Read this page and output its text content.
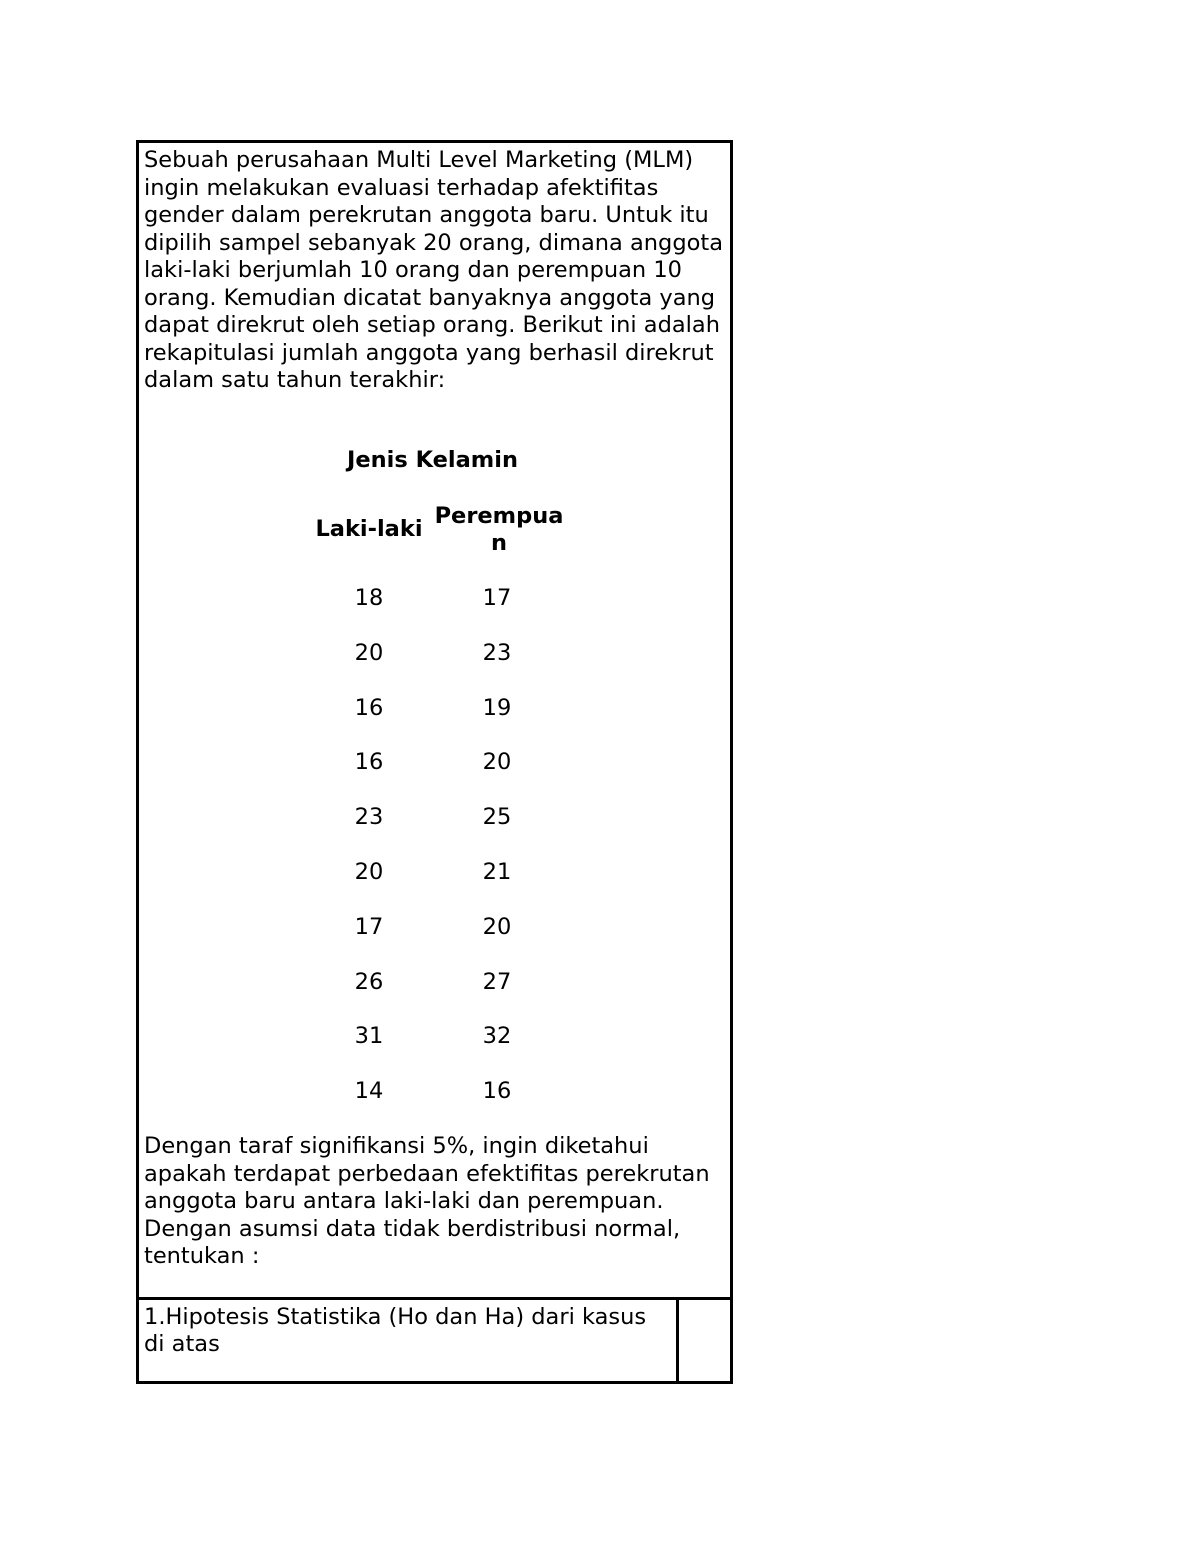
Sebuah perusahaan Multi Level Marketing (MLM) ingin melakukan evaluasi terhadap afektifitas gender dalam perekrutan anggota baru. Untuk itu dipilih sampel sebanyak 20 orang, dimana anggota laki-laki berjumlah 10 orang dan perempuan 10 orang. Kemudian dicatat banyaknya anggota yang dapat direkrut oleh setiap orang. Berikut ini adalah rekapitulasi jumlah anggota yang berhasil direkrut dalam satu tahun terakhir:

Jenis Kelamin
Laki-laki Perempua
n
18	17
20	23
16	19
16	20
23	25
20	21
17	20
26	27
31	32
14	16

Dengan taraf signifikansi 5%, ingin diketahui apakah terdapat perbedaan efektifitas perekrutan anggota baru antara laki-laki dan perempuan. Dengan asumsi data tidak berdistribusi normal, tentukan :

1.Hipotesis Statistika (Ho dan Ha) dari kasus di atas
